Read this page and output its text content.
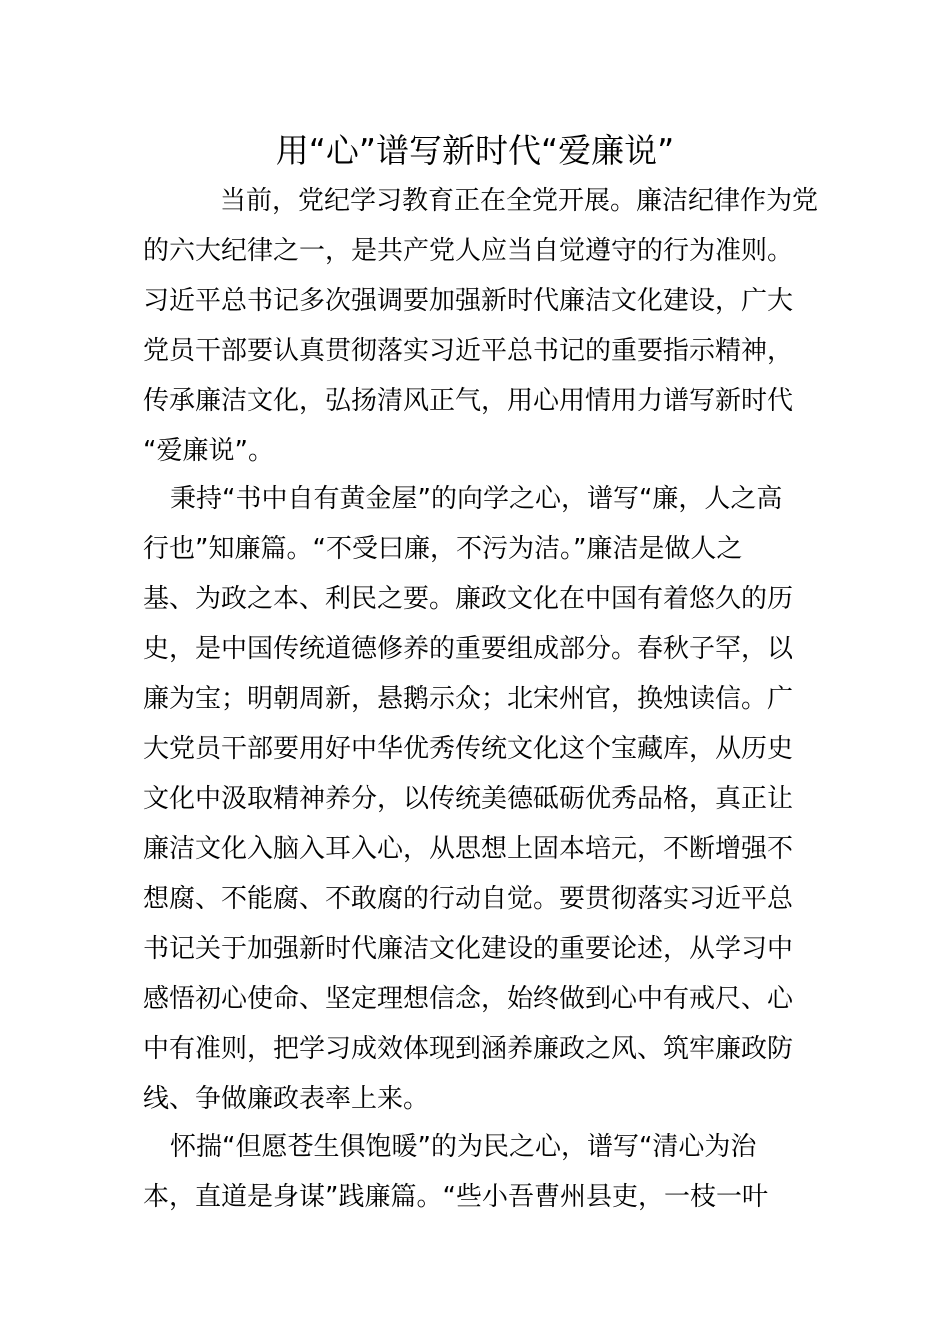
用“心”谱写新时代“爱廉说”
当前，党纪学习教育正在全党开展。廉洁纪律作为党
的六大纪律之一，是共产党人应当自觉遵守的行为准则。
习近平总书记多次强调要加强新时代廉洁文化建设，广大
党员干部要认真贯彻落实习近平总书记的重要指示精神，
传承廉洁文化，弘扬清风正气，用心用情用力谱写新时代
“爱廉说”。
秉持“书中自有黄金屋”的向学之心，谱写“廉，人之高
行也”知廉篇。“不受曰廉，不污为洁。”廉洁是做人之
基、为政之本、利民之要。廉政文化在中国有着悠久的历
史，是中国传统道德修养的重要组成部分。春秋子罕，以
廉为宝；明朝周新，悬鹅示众；北宋州官，换烛读信。广
大党员干部要用好中华优秀传统文化这个宝藏库，从历史
文化中汲取精神养分，以传统美德砥砺优秀品格，真正让
廉洁文化入脑入耳入心，从思想上固本培元，不断增强不
想腐、不能腐、不敢腐的行动自觉。要贯彻落实习近平总
书记关于加强新时代廉洁文化建设的重要论述，从学习中
感悟初心使命、坚定理想信念，始终做到心中有戒尺、心
中有准则，把学习成效体现到涵养廉政之风、筑牢廉政防
线、争做廉政表率上来。
怀揣“但愿苍生俱饱暖”的为民之心，谱写“清心为治
本，直道是身谋”践廉篇。“些小吾曹州县吏，一枝一叶
